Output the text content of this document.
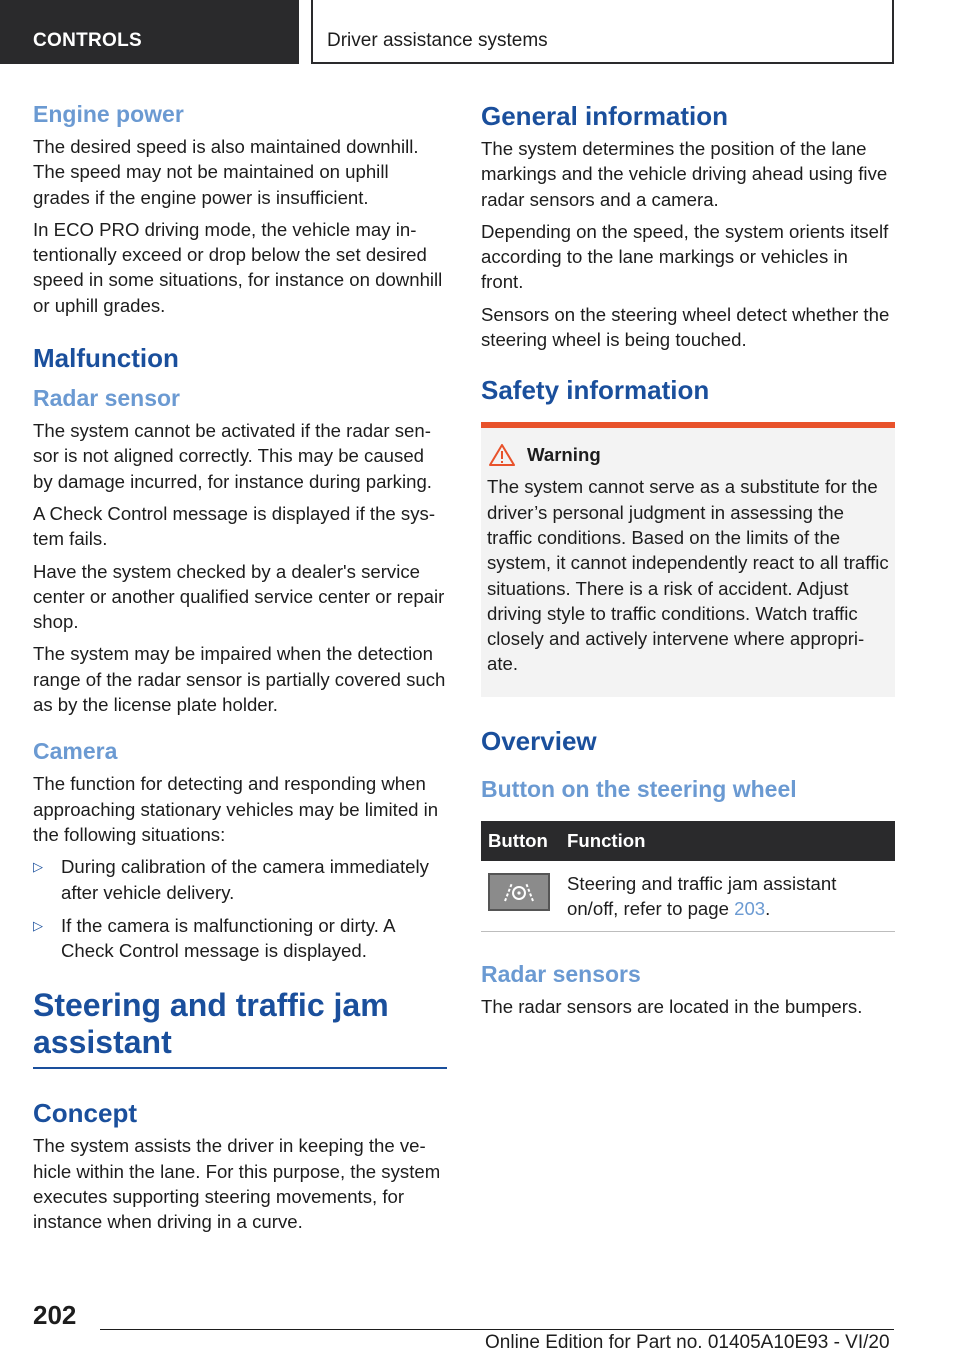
CONTROLS	Driver assistance systems
Engine power

The desired speed is also maintained downhill. The speed may not be maintained on uphill grades if the engine power is insufficient.

In ECO PRO driving mode, the vehicle may intentionally exceed or drop below the set desired speed in some situations, for instance on downhill or uphill grades.

Malfunction
Radar sensor

The system cannot be activated if the radar sensor is not aligned correctly. This may be caused by damage incurred, for instance during parking.

A Check Control message is displayed if the system fails.

Have the system checked by a dealer's service center or another qualified service center or repair shop.

The system may be impaired when the detection range of the radar sensor is partially covered such as by the license plate holder.

Camera

The function for detecting and responding when approaching stationary vehicles may be limited in the following situations:

▷ During calibration of the camera immediately after vehicle delivery.
▷ If the camera is malfunctioning or dirty. A Check Control message is displayed.
Steering and traffic jam assistant
Concept

The system assists the driver in keeping the vehicle within the lane. For this purpose, the system executes supporting steering movements, for instance when driving in a curve.

General information

The system determines the position of the lane markings and the vehicle driving ahead using five radar sensors and a camera.

Depending on the speed, the system orients itself according to the lane markings or vehicles in front.

Sensors on the steering wheel detect whether the steering wheel is being touched.

Safety information
Warning

The system cannot serve as a substitute for the driver’s personal judgment in assessing the traffic conditions. Based on the limits of the system, it cannot independently react to all traffic situations. There is a risk of accident. Adjust driving style to traffic conditions. Watch traffic closely and actively intervene where appropriate.

Overview
Button on the steering wheel
Button	Function

	Steering and traffic jam assistant on/off, refer to page 203.
Radar sensors

The radar sensors are located in the bumpers.

202
Online Edition for Part no. 01405A10E93 - VI/20
